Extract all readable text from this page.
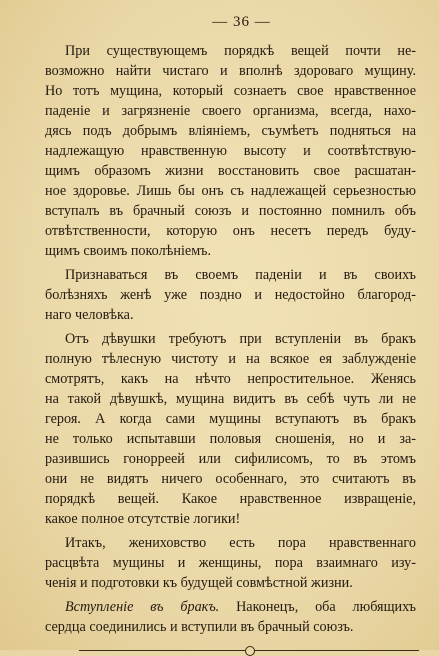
— 36 —

При существующемъ порядкѣ вещей почти не-
возможно найти чистаго и вполнѣ здороваго мущину.
Но тотъ мущина, который сознаетъ свое нравственное
паденіе и загрязненіе своего организма, всегда, нахо-
дясь подъ добрымъ вліяніемъ, съумѣетъ подняться на
надлежащую нравственную высоту и соотвѣтствую-
щимъ образомъ жизни восстановить свое расшатан-
ное здоровье. Лишь бы онъ съ надлежащей серьезностью
вступалъ въ брачный союзъ и постоянно помнилъ объ
отвѣтственности, которую онъ несетъ передъ буду-
щимъ своимъ поколѣніемъ.

Признаваться въ своемъ паденіи и въ своихъ
болѣзняхъ женѣ уже поздно и недостойно благород-
наго человѣка.

Отъ дѣвушки требуютъ при вступленіи въ бракъ
полную тѣлесную чистоту и на всякое ея заблужденіе
смотрятъ, какъ на нѣчто непростительное. Женясь
на такой дѣвушкѣ, мущина видитъ въ себѣ чуть ли не
героя. А когда сами мущины вступаютъ въ бракъ
не только испытавши половыя сношенія, но и за-
разившись гонорреей или сифилисомъ, то въ этомъ
они не видятъ ничего особеннаго, это считаютъ въ
порядкѣ вещей. Какое нравственное извращеніе,
какое полное отсутствіе логики!

Итакъ, жениховство есть пора нравственнаго
расцвѣта мущины и женщины, пора взаимнаго изу-
ченія и подготовки къ будущей совмѣстной жизни.

Вступленіе въ бракъ. Наконецъ, оба любящихъ
сердца соединились и вступили въ брачный союзъ.
